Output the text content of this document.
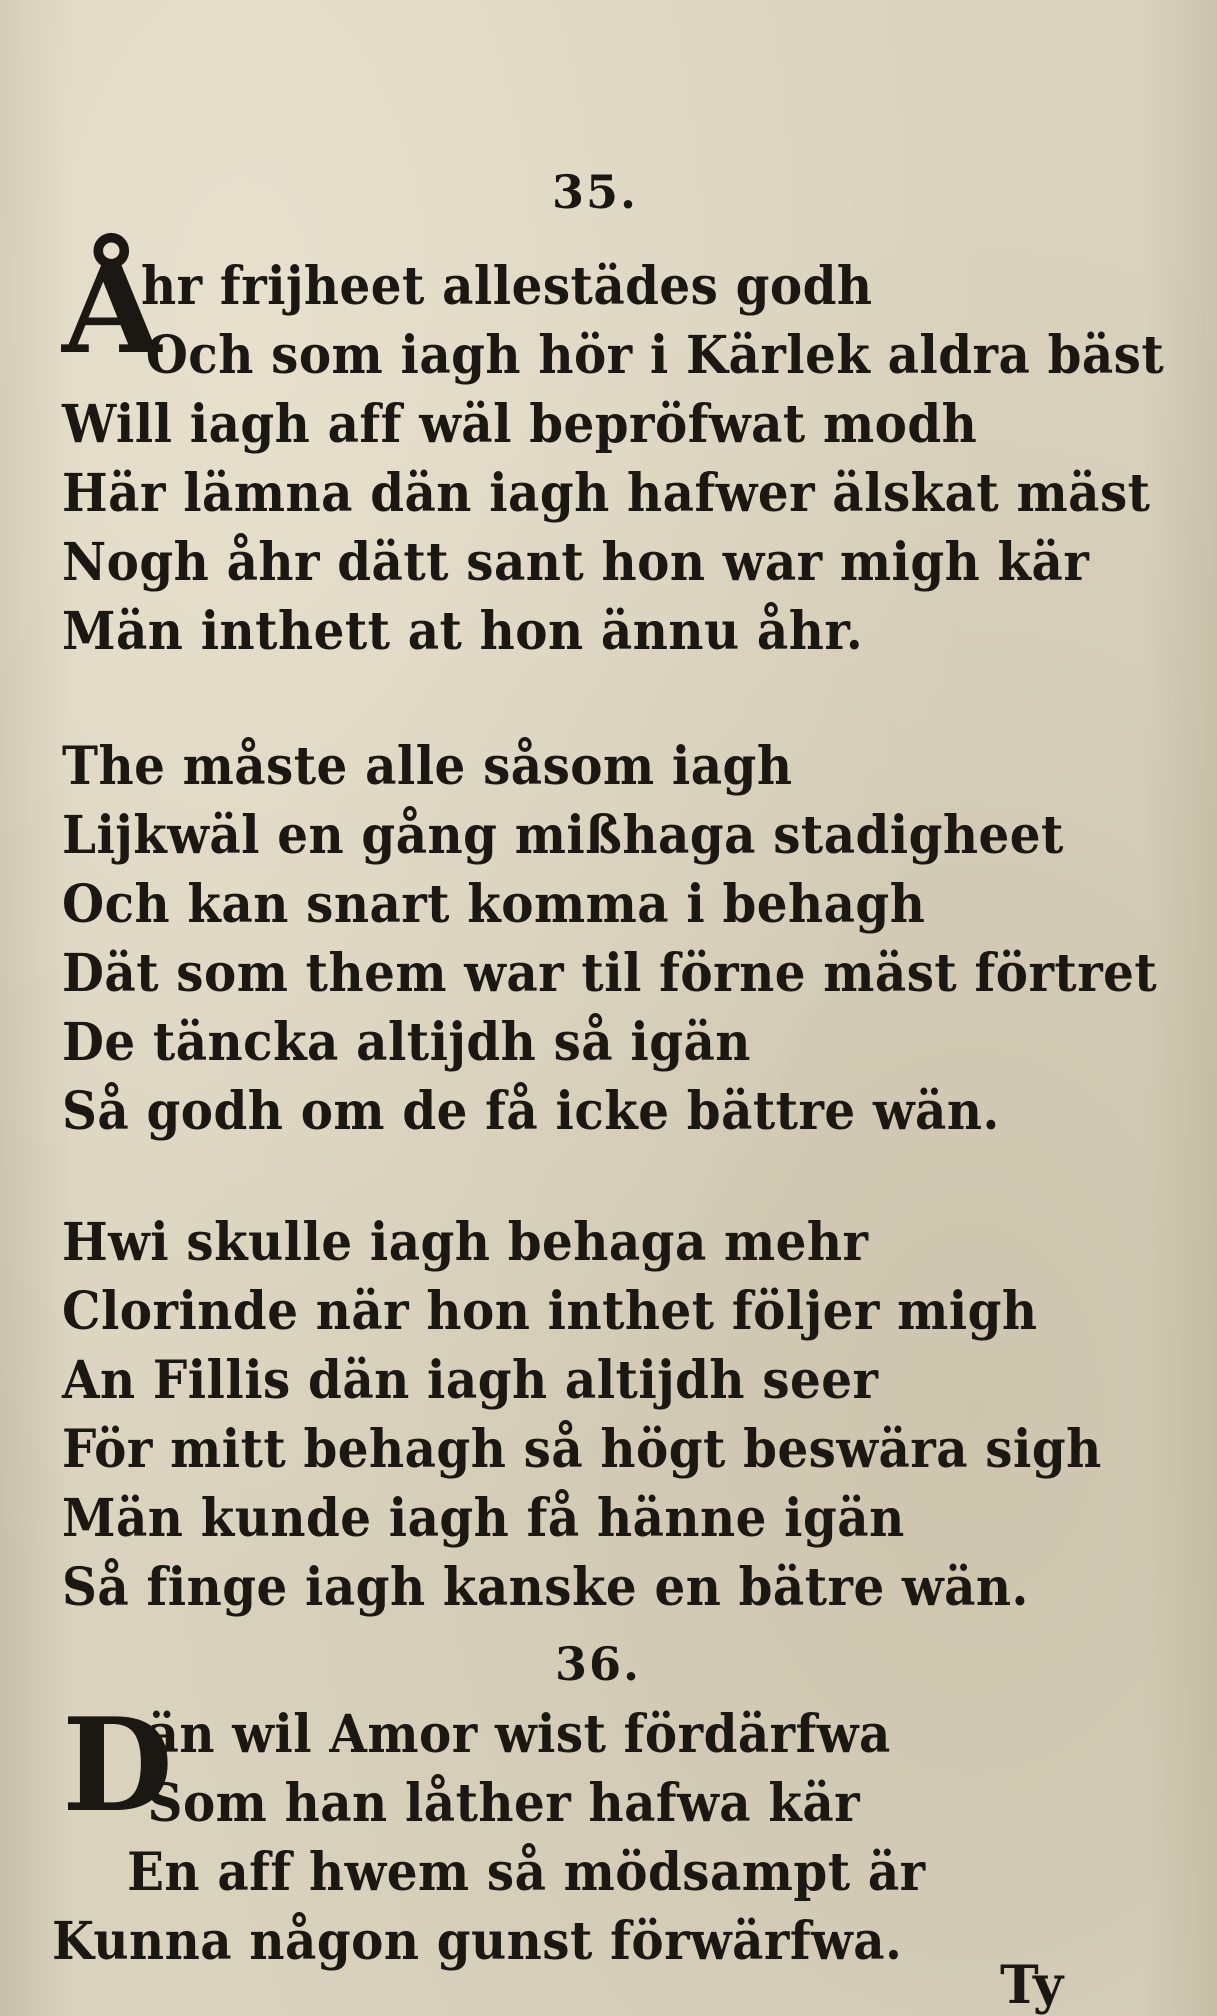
35.
Å
hr frijheet allestädes godh
Och som iagh hör i Kärlek aldra bäst
Will iagh aff wäl bepröfwat modh
Här lämna dän iagh hafwer älskat mäst
Nogh åhr dätt sant hon war migh kär
Män inthett at hon ännu åhr.
The måste alle såsom iagh
Lijkwäl en gång mißhaga stadigheet
Och kan snart komma i behagh
Dät som them war til förne mäst förtret
De täncka altijdh så igän
Så godh om de få icke bättre wän.
Hwi skulle iagh behaga mehr
Clorinde när hon inthet följer migh
An Fillis dän iagh altijdh seer
För mitt behagh så högt beswära sigh
Män kunde iagh få hänne igän
Så finge iagh kanske en bätre wän.
36.
D
än wil Amor wist fördärfwa
Som han låther hafwa kär
En aff hwem så mödsampt är
Kunna någon gunst förwärfwa.
Ty
